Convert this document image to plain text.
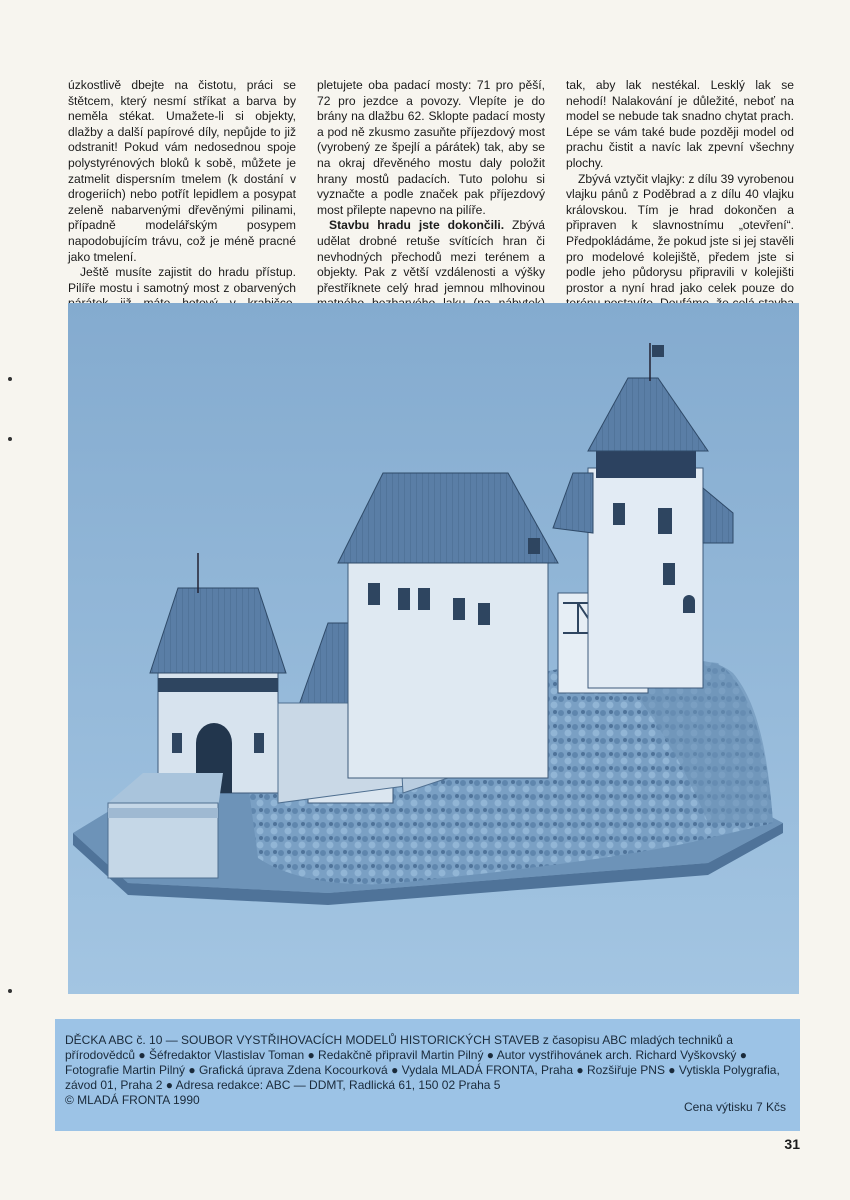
úzkostlivě dbejte na čistotu, práci se štětcem, který nesmí stříkat a barva by neměla stékat. Umažete-li si objekty, dlažby a další papírové díly, nepůjde to již odstranit! Pokud vám nedosednou spoje polystyrénových bloků k sobě, můžete je zatmelit dispersním tmelem (k dostání v drogeriích) nebo potřít lepidlem a posypat zeleně nabarvenými dřevěnými pilinami, případně modelářským posypem napodobujícím trávu, což je méně pracné jako tmelení.

Ještě musíte zajistit do hradu přístup. Pilíře mostu i samotný most z obarvených

pletujete oba padací mosty: 71 pro pěší, 72 pro jezdce a povozy. Vlepíte je do brány na dlažbu 62. Sklopte padací mosty a pod ně zkusmo zasuňte příjezdový most (vyrobený ze špejlí a párátek) tak, aby se na okraj dřevěného mostu daly položit hrany mostů padacích. Tuto polohu si vyznačte a podle značek pak příjezdový most přilepte napevno na pilíře.

Stavbu hradu jste dokončili. Zbývá udělat drobné retuše svítících hran či nevhodných přechodů mezi terénem a objekty. Pak z větší vzdálenosti a výšky přestříknete celý hrad jemnou mlhovinou

tak, aby lak nestékal. Lesklý lak se nehodí! Nalakování je důležité, neboť na model se nebude tak snadno chytat prach. Lépe se vám také bude později model od prachu čistit a navíc lak zpevní všechny plochy.

Zbývá vztyčit vlajky: z dílu 39 vyrobenou vlajku pánů z Poděbrad a z dílu 40 vlajku královskou. Tím je hrad dokončen a připraven k slavnostnímu „otevření“. Předpokládáme, že pokud jste si jej stavěli pro modelové kolejiště, předem jste si podle jeho půdorysu připravili v kolejišti prostor a nyní hrad jako celek pouze do

DĚCKA ABC č. 10 — SOUBOR VYSTŘIHOVACÍCH MODELŮ HISTORICKÝCH STAVEB z časopisu ABC mladých techniků a přírodovědců ● Šéfredaktor Vlastislav Toman ● Redakčně připravil Martin Pilný ● Autor vystřihovánek arch. Richard Vyškovský ● Fotografie Martin Pilný ● Grafická úprava Zdena Kocourková ● Vydala MLADÁ FRONTA, Praha ● Rozšiřuje PNS ● Vytiskla Polygrafia, závod 01, Praha 2 ● Adresa redakce: ABC — DDMT, Radlická 61, 150 02 Praha 5
© MLADÁ FRONTA 1990	Cena výtisku 7 Kčs
31
